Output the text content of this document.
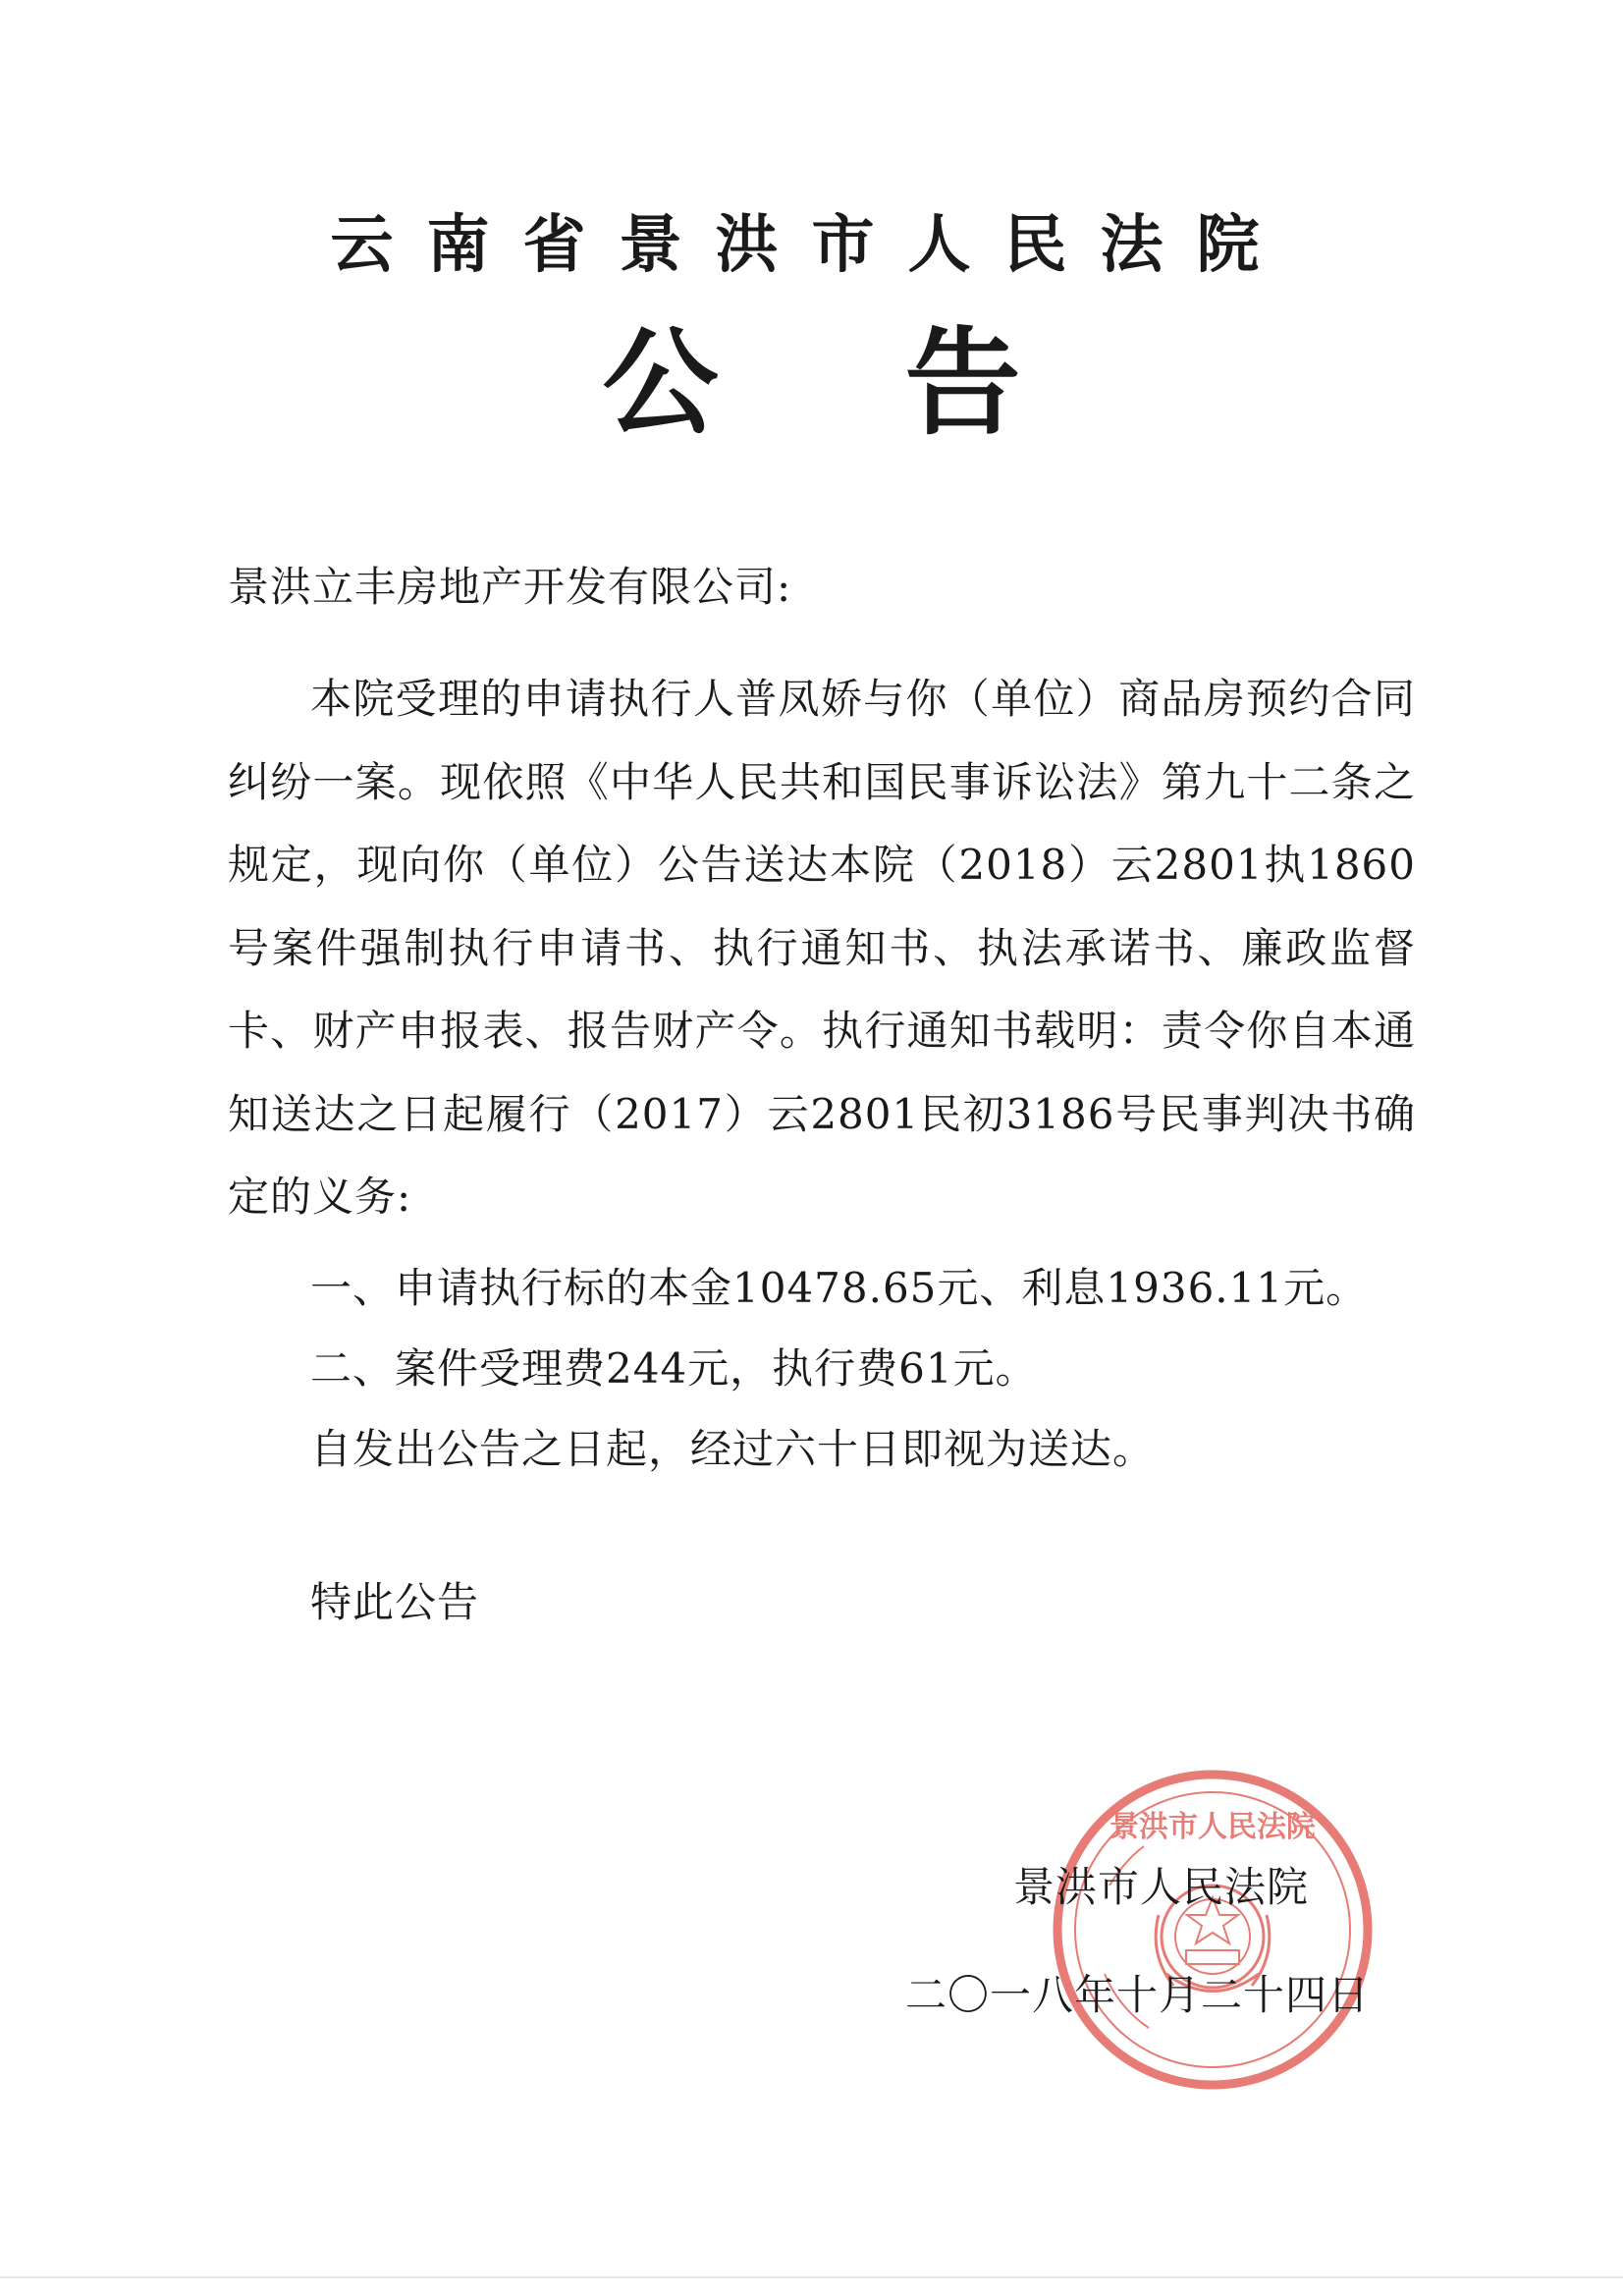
云南省景洪市人民法院
公告
景洪立丰房地产开发有限公司:
本院受理的申请执行人普凤娇与你（单位）商品房预约合同纠纷一案。现依照《中华人民共和国民事诉讼法》第九十二条之规定，现向你（单位）公告送达本院（2018）云2801执1860号案件强制执行申请书、执行通知书、执法承诺书、廉政监督卡、财产申报表、报告财产令。执行通知书载明：责令你自本通知送达之日起履行（2017）云2801民初3186号民事判决书确定的义务:
一、申请执行标的本金10478.65元、利息1936.11元。
二、案件受理费244元，执行费61元。
自发出公告之日起，经过六十日即视为送达。
特此公告
景洪市人民法院
景洪市人民法院
二〇一八年十月二十四日
